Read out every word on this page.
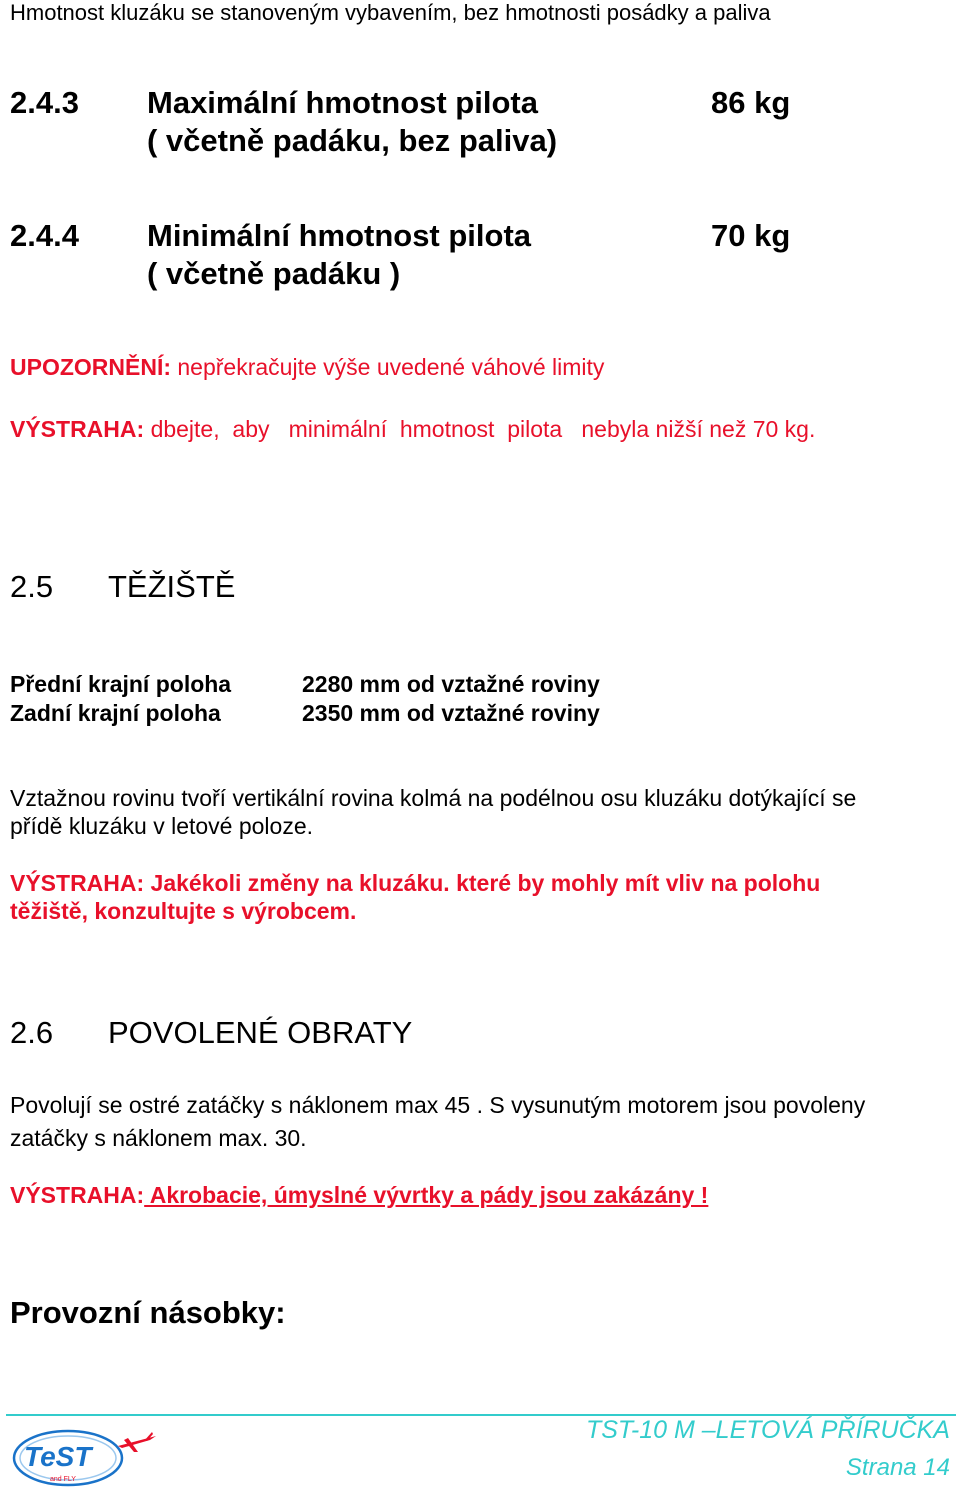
Hmotnost kluzáku se stanoveným vybavením, bez hmotnosti posádky a paliva
2.4.3 Maximální hmotnost pilota
( včetně padáku, bez paliva)
86 kg
2.4.4 Minimální hmotnost pilota
( včetně padáku )
70 kg
UPOZORNĚNÍ: nepřekračujte výše uvedené váhové limity
VÝSTRAHA: dbejte,  aby   minimální  hmotnost  pilota   nebyla nižší než 70 kg.
2.5 TĚŽIŠTĚ
Přední krajní poloha	2280 mm od vztažné roviny
Zadní krajní poloha	2350 mm od vztažné roviny
Vztažnou rovinu tvoří vertikální rovina kolmá na podélnou osu kluzáku dotýkající se
přídě kluzáku v letové poloze.
VÝSTRAHA: Jakékoli změny na kluzáku. které by mohly mít vliv na polohu
těžiště, konzultujte s výrobcem.
2.6 POVOLENÉ OBRATY
Povolují se ostré zatáčky s náklonem max 45 . S vysunutým motorem jsou povoleny
zatáčky s náklonem max. 30.
VÝSTRAHA: Akrobacie, úmyslné vývrtky a pády jsou zakázány !
Provozní násobky:
TeST
and FLY
TST-10 M –LETOVÁ PŘÍRUČKA
Strana 14
